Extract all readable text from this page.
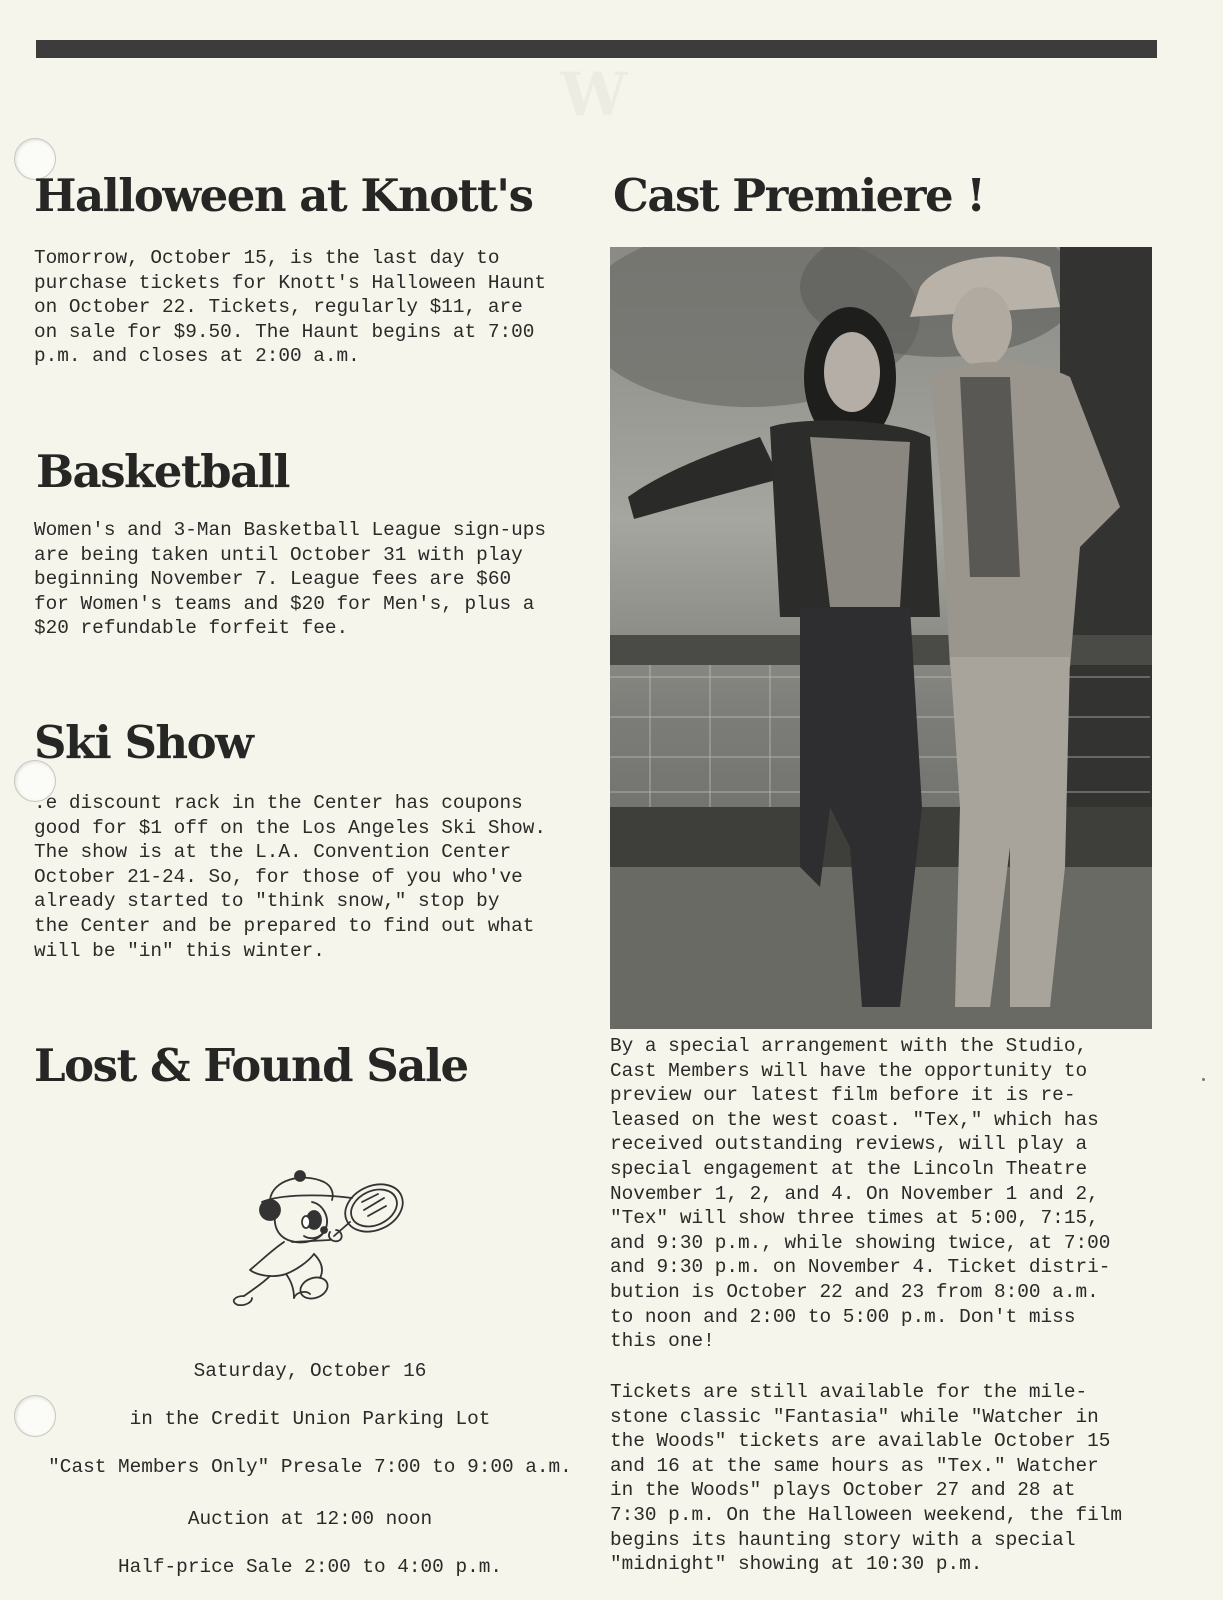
Halloween at Knott's

Tomorrow, October 15, is the last day to
purchase tickets for Knott's Halloween Haunt
on October 22. Tickets, regularly $11, are
on sale for $9.50. The Haunt begins at 7:00
p.m. and closes at 2:00 a.m.

Basketball

Women's and 3-Man Basketball League sign-ups
are being taken until October 31 with play
beginning November 7. League fees are $60
for Women's teams and $20 for Men's, plus a
$20 refundable forfeit fee.

Ski Show

.e discount rack in the Center has coupons
good for $1 off on the Los Angeles Ski Show.
The show is at the L.A. Convention Center
October 21-24. So, for those of you who've
already started to "think snow," stop by
the Center and be prepared to find out what
will be "in" this winter.

Lost & Found Sale

Saturday, October 16

in the Credit Union Parking Lot

"Cast Members Only" Presale 7:00 to 9:00 a.m.

Auction at 12:00 noon

Half-price Sale 2:00 to 4:00 p.m.

Cast Premiere !

By a special arrangement with the Studio,
Cast Members will have the opportunity to
preview our latest film before it is re-
leased on the west coast. "Tex," which has
received outstanding reviews, will play a
special engagement at the Lincoln Theatre
November 1, 2, and 4. On November 1 and 2,
"Tex" will show three times at 5:00, 7:15,
and 9:30 p.m., while showing twice, at 7:00
and 9:30 p.m. on November 4. Ticket distri-
bution is October 22 and 23 from 8:00 a.m.
to noon and 2:00 to 5:00 p.m. Don't miss
this one!

Tickets are still available for the mile-
stone classic "Fantasia" while "Watcher in
the Woods" tickets are available October 15
and 16 at the same hours as "Tex." Watcher
in the Woods" plays October 27 and 28 at
7:30 p.m. On the Halloween weekend, the film
begins its haunting story with a special
"midnight" showing at 10:30 p.m.
